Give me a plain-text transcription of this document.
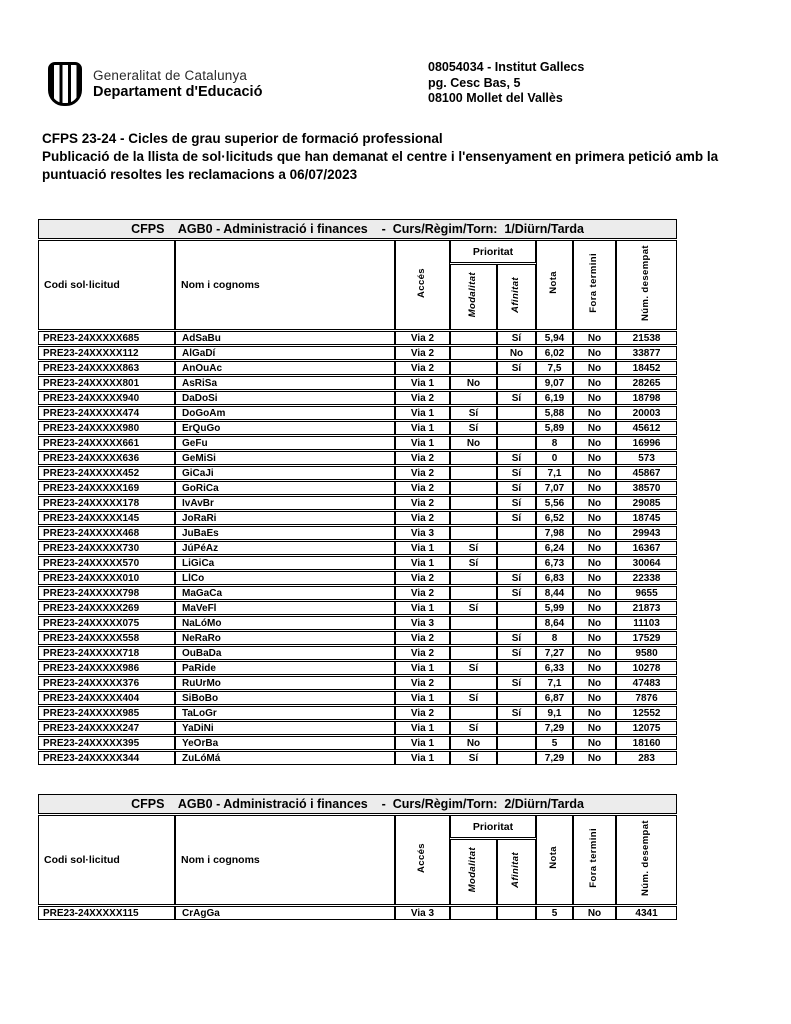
Generalitat de Catalunya
Departament d'Educació
08054034 - Institut Gallecs
pg. Cesc Bas, 5
08100 Mollet del Vallès
CFPS 23-24 - Cicles de grau superior de formació professional
Publicació de la llista de sol·licituds que han demanat el centre i l'ensenyament en primera petició amb la puntuació resoltes les reclamacions a 06/07/2023
CFPS    AGB0 - Administració i finances    -  Curs/Règim/Torn:  1/Diürn/Tarda							
Codi sol·licitud	Nom i cognoms	Accés	Prioritat		Nota	Fora termini	Núm. desempat
			Modalitat	Afinitat			
PRE23-24XXXXX685	AdSaBu	Via 2		Sí	5,94	No	21538
PRE23-24XXXXX112	AlGaDí	Via 2		No	6,02	No	33877
PRE23-24XXXXX863	AnOuAc	Via 2		Sí	7,5	No	18452
PRE23-24XXXXX801	AsRiSa	Via 1	No		9,07	No	28265
PRE23-24XXXXX940	DaDoSi	Via 2		Sí	6,19	No	18798
PRE23-24XXXXX474	DoGoAm	Via 1	Sí		5,88	No	20003
PRE23-24XXXXX980	ErQuGo	Via 1	Sí		5,89	No	45612
PRE23-24XXXXX661	GeFu	Via 1	No		8	No	16996
PRE23-24XXXXX636	GeMiSi	Via 2		Sí	0	No	573
PRE23-24XXXXX452	GiCaJi	Via 2		Sí	7,1	No	45867
PRE23-24XXXXX169	GoRiCa	Via 2		Sí	7,07	No	38570
PRE23-24XXXXX178	IvAvBr	Via 2		Sí	5,56	No	29085
PRE23-24XXXXX145	JoRaRi	Via 2		Sí	6,52	No	18745
PRE23-24XXXXX468	JuBaEs	Via 3			7,98	No	29943
PRE23-24XXXXX730	JúPéAz	Via 1	Sí		6,24	No	16367
PRE23-24XXXXX570	LiGiCa	Via 1	Sí		6,73	No	30064
PRE23-24XXXXX010	LlCo	Via 2		Sí	6,83	No	22338
PRE23-24XXXXX798	MaGaCa	Via 2		Sí	8,44	No	9655
PRE23-24XXXXX269	MaVeFl	Via 1	Sí		5,99	No	21873
PRE23-24XXXXX075	NaLóMo	Via 3			8,64	No	11103
PRE23-24XXXXX558	NeRaRo	Via 2		Sí	8	No	17529
PRE23-24XXXXX718	OuBaDa	Via 2		Sí	7,27	No	9580
PRE23-24XXXXX986	PaRide	Via 1	Sí		6,33	No	10278
PRE23-24XXXXX376	RuUrMo	Via 2		Sí	7,1	No	47483
PRE23-24XXXXX404	SiBoBo	Via 1	Sí		6,87	No	7876
PRE23-24XXXXX985	TaLoGr	Via 2		Sí	9,1	No	12552
PRE23-24XXXXX247	YaDiNi	Via 1	Sí		7,29	No	12075
PRE23-24XXXXX395	YeOrBa	Via 1	No		5	No	18160
PRE23-24XXXXX344	ZuLóMá	Via 1	Sí		7,29	No	283
CFPS    AGB0 - Administració i finances    -  Curs/Règim/Torn:  2/Diürn/Tarda							
Codi sol·licitud	Nom i cognoms	Accés	Prioritat		Nota	Fora termini	Núm. desempat
			Modalitat	Afinitat			
PRE23-24XXXXX115	CrAgGa	Via 3			5	No	4341
